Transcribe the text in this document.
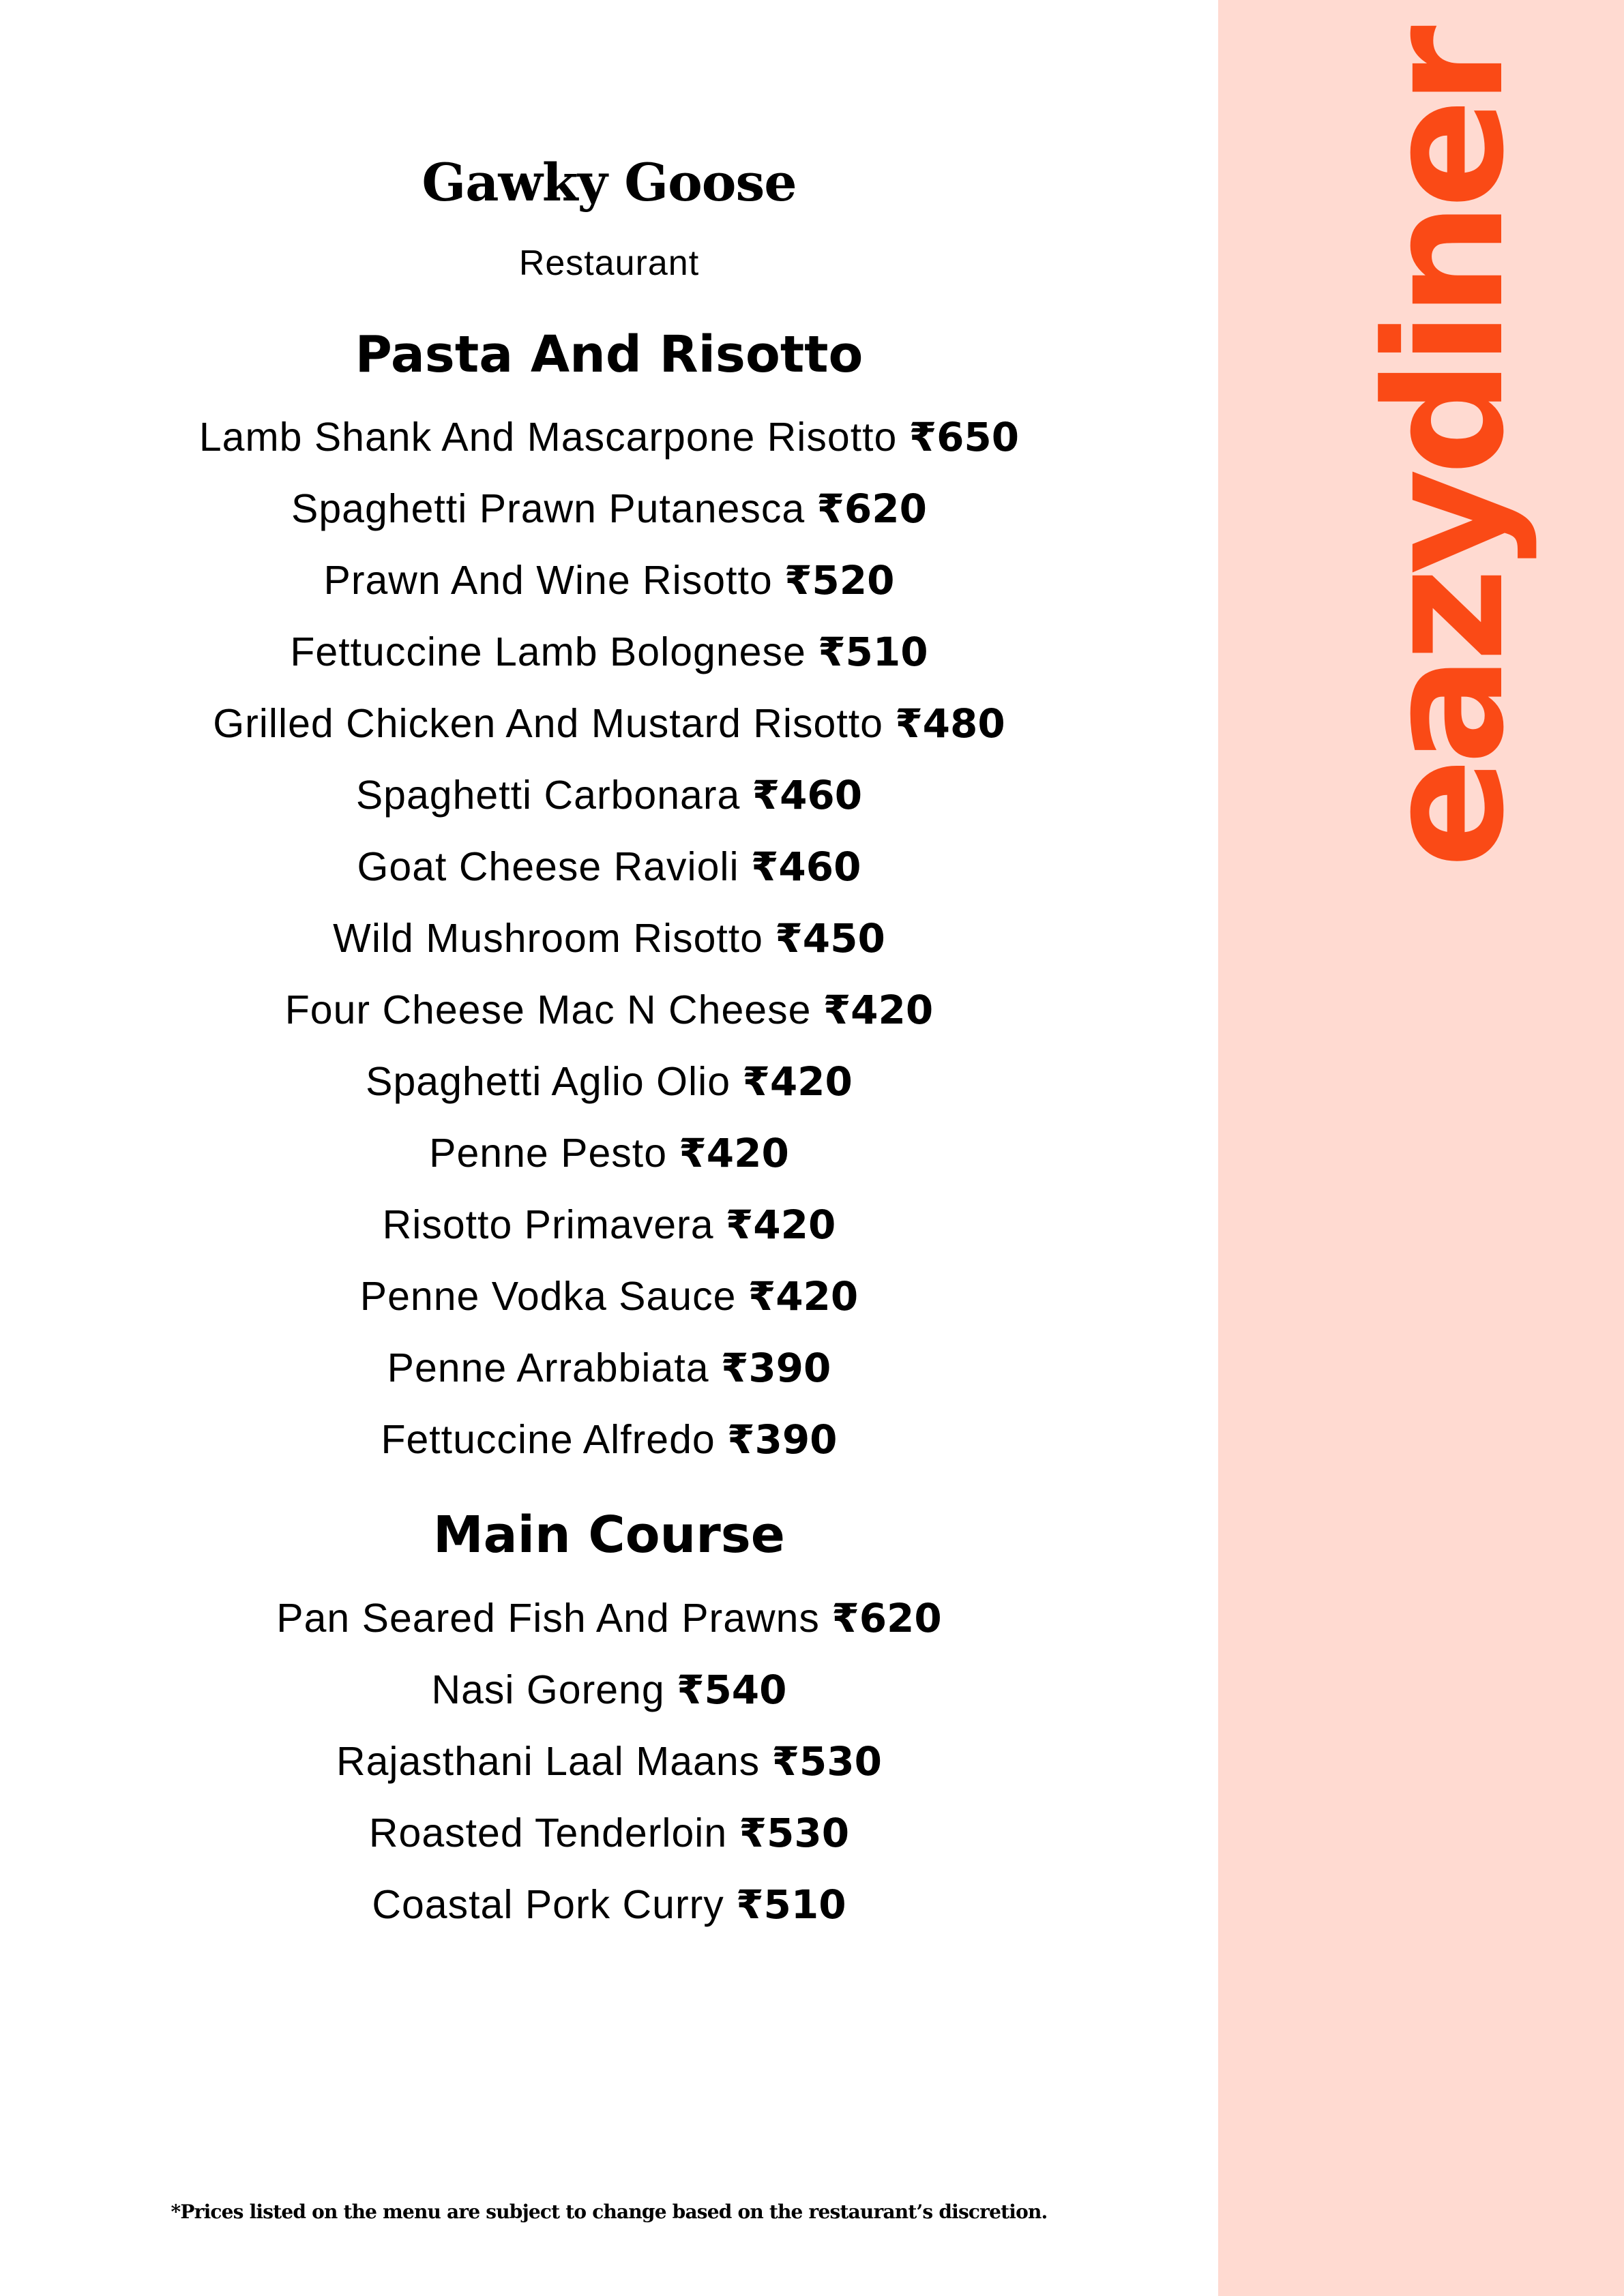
Gawky Goose
Restaurant
Pasta And Risotto
Lamb Shank And Mascarpone Risotto ₹650
Spaghetti Prawn Putanesca ₹620
Prawn And Wine Risotto ₹520
Fettuccine Lamb Bolognese ₹510
Grilled Chicken And Mustard Risotto ₹480
Spaghetti Carbonara ₹460
Goat Cheese Ravioli ₹460
Wild Mushroom Risotto ₹450
Four Cheese Mac N Cheese ₹420
Spaghetti Aglio Olio ₹420
Penne Pesto ₹420
Risotto Primavera ₹420
Penne Vodka Sauce ₹420
Penne Arrabbiata ₹390
Fettuccine Alfredo ₹390
Main Course
Pan Seared Fish And Prawns ₹620
Nasi Goreng ₹540
Rajasthani Laal Maans ₹530
Roasted Tenderloin ₹530
Coastal Pork Curry ₹510
*Prices listed on the menu are subject to change based on the restaurant’s discretion.
eazydiner
